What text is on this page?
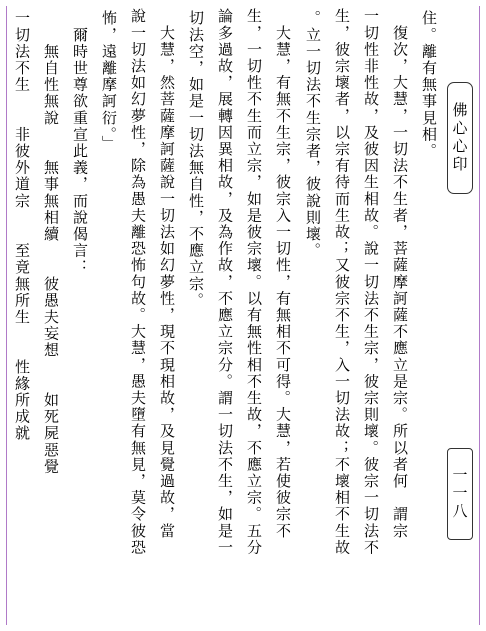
佛心心印
一一八
住。離有無事見相。
　復次，大慧，一切法不生者，菩薩摩訶薩不應立是宗。所以者何　謂宗
一切性非性故，及彼因生相故。說一切法不生宗，彼宗則壞。彼宗一切法不
生，彼宗壞者，以宗有待而生故；又彼宗不生，入一切法故；不壞相不生故
。立一切法不生宗者，彼說則壞。
　大慧，有無不生宗，彼宗入一切性，有無相不可得。大慧，若使彼宗不
生，一切性不生而立宗，如是彼宗壞。以有無性相不生故，不應立宗。五分
論多過故，展轉因異相故，及為作故，不應立宗分。謂一切法不生，如是一
切法空，如是一切法無自性，不應立宗。
　大慧，然菩薩摩訶薩說一切法如幻夢性，現不現相故，及見覺過故，當
說一切法如幻夢性，除為愚夫離恐怖句故。大慧，愚夫墮有無見，莫令彼恐
怖，遠離摩訶衍。」
　爾時世尊欲重宣此義，而說偈言：
　　無自性無說　　無事無相續　　彼愚夫妄想　　如死屍惡覺
一切法不生　　非彼外道宗　　至竟無所生　　性緣所成就
